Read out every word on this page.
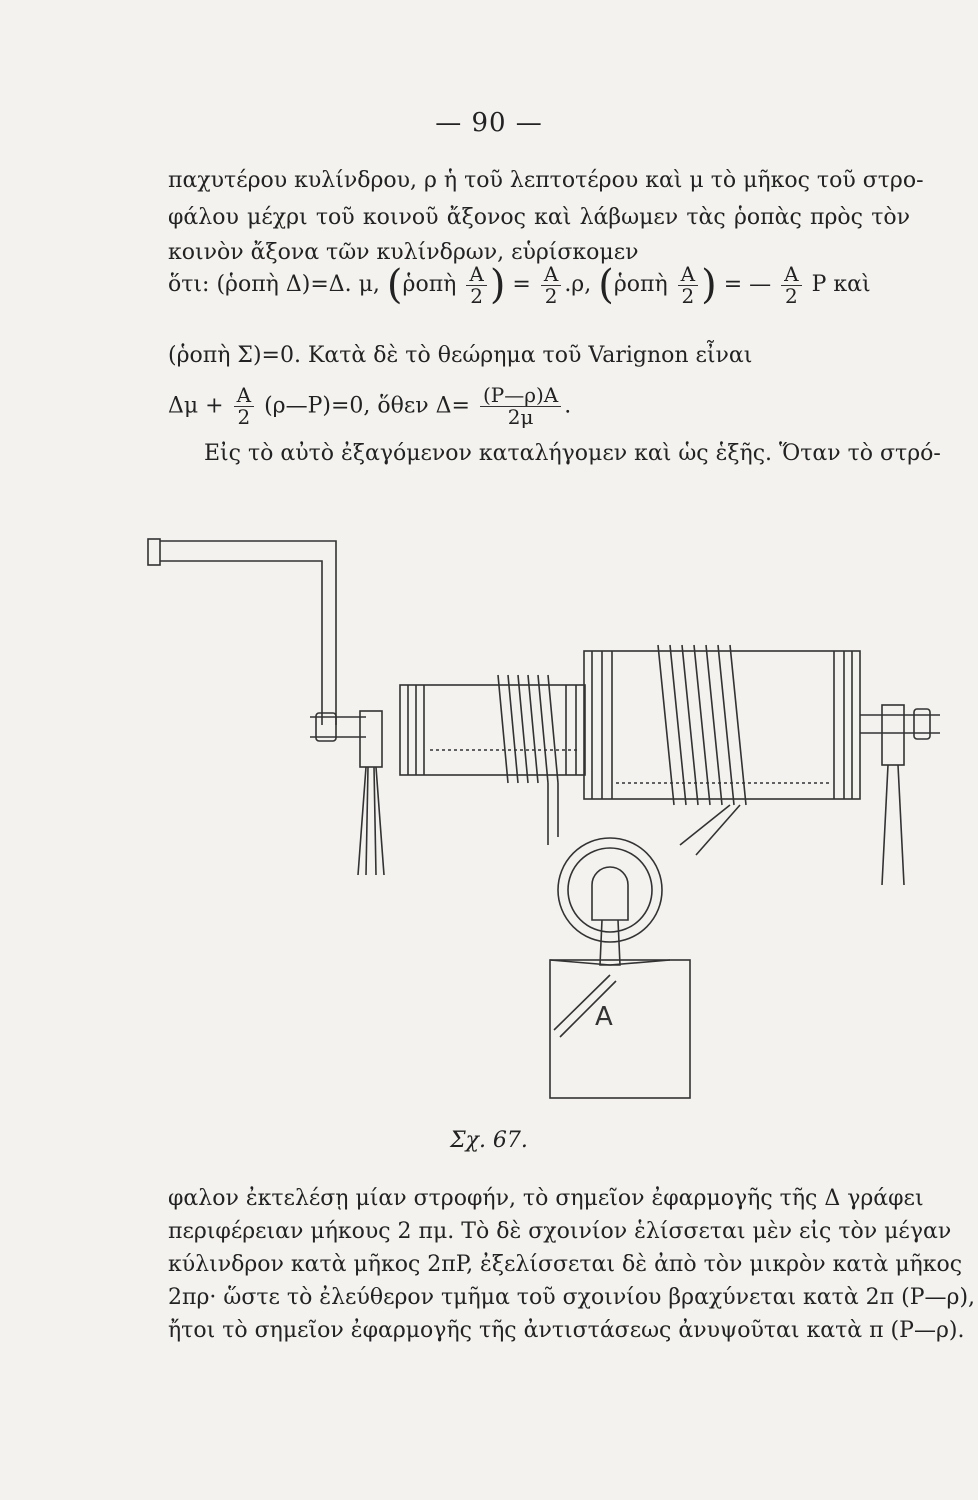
— 90 —
παχυτέρου κυλίνδρου, ρ ἡ τοῦ λεπτοτέρου καὶ μ τὸ μῆκος τοῦ στρο-
φάλου μέχρι τοῦ κοινοῦ ἄξονος καὶ λάβωμεν τὰς ῥοπὰς πρὸς τὸν
κοινὸν ἄξονα τῶν κυλίνδρων, εὑρίσκομεν
ὅτι: (ῥοπὴ Δ)=Δ. μ, (ῥοπὴ $\frac{A}{2}$ ) = $\frac{A}{2} .\rho$, (ῥοπὴ $\frac{A}{2}$ ) = — $\frac{A}{2}$ P καὶ
(ῥοπὴ Σ)=0. Κατὰ δὲ τὸ θεώρημα τοῦ Varignon εἶναι
$\Delta\mu + \frac{A}{2}$ (ρ—P)=0, ὅθεν $\Delta= \frac{(P—\rho)A}{2\mu}$ .
Εἰς τὸ αὐτὸ ἐξαγόμενον καταλήγομεν καὶ ὡς ἑξῆς. Ὅταν τὸ στρό-
A
Σχ. 67.
φαλον ἐκτελέσῃ μίαν στροφήν, τὸ σημεῖον ἐφαρμογῆς τῆς Δ γράφει
περιφέρειαν μήκους 2 πμ. Τὸ δὲ σχοινίον ἑλίσσεται μὲν εἰς τὸν μέγαν
κύλινδρον κατὰ μῆκος 2πP, ἐξελίσσεται δὲ ἀπὸ τὸν μικρὸν κατὰ μῆκος
2πρ· ὥστε τὸ ἐλεύθερον τμῆμα τοῦ σχοινίου βραχύνεται κατὰ 2π (P—ρ),
ἤτοι τὸ σημεῖον ἐφαρμογῆς τῆς ἀντιστάσεως ἀνυψοῦται κατὰ π (P—ρ).
